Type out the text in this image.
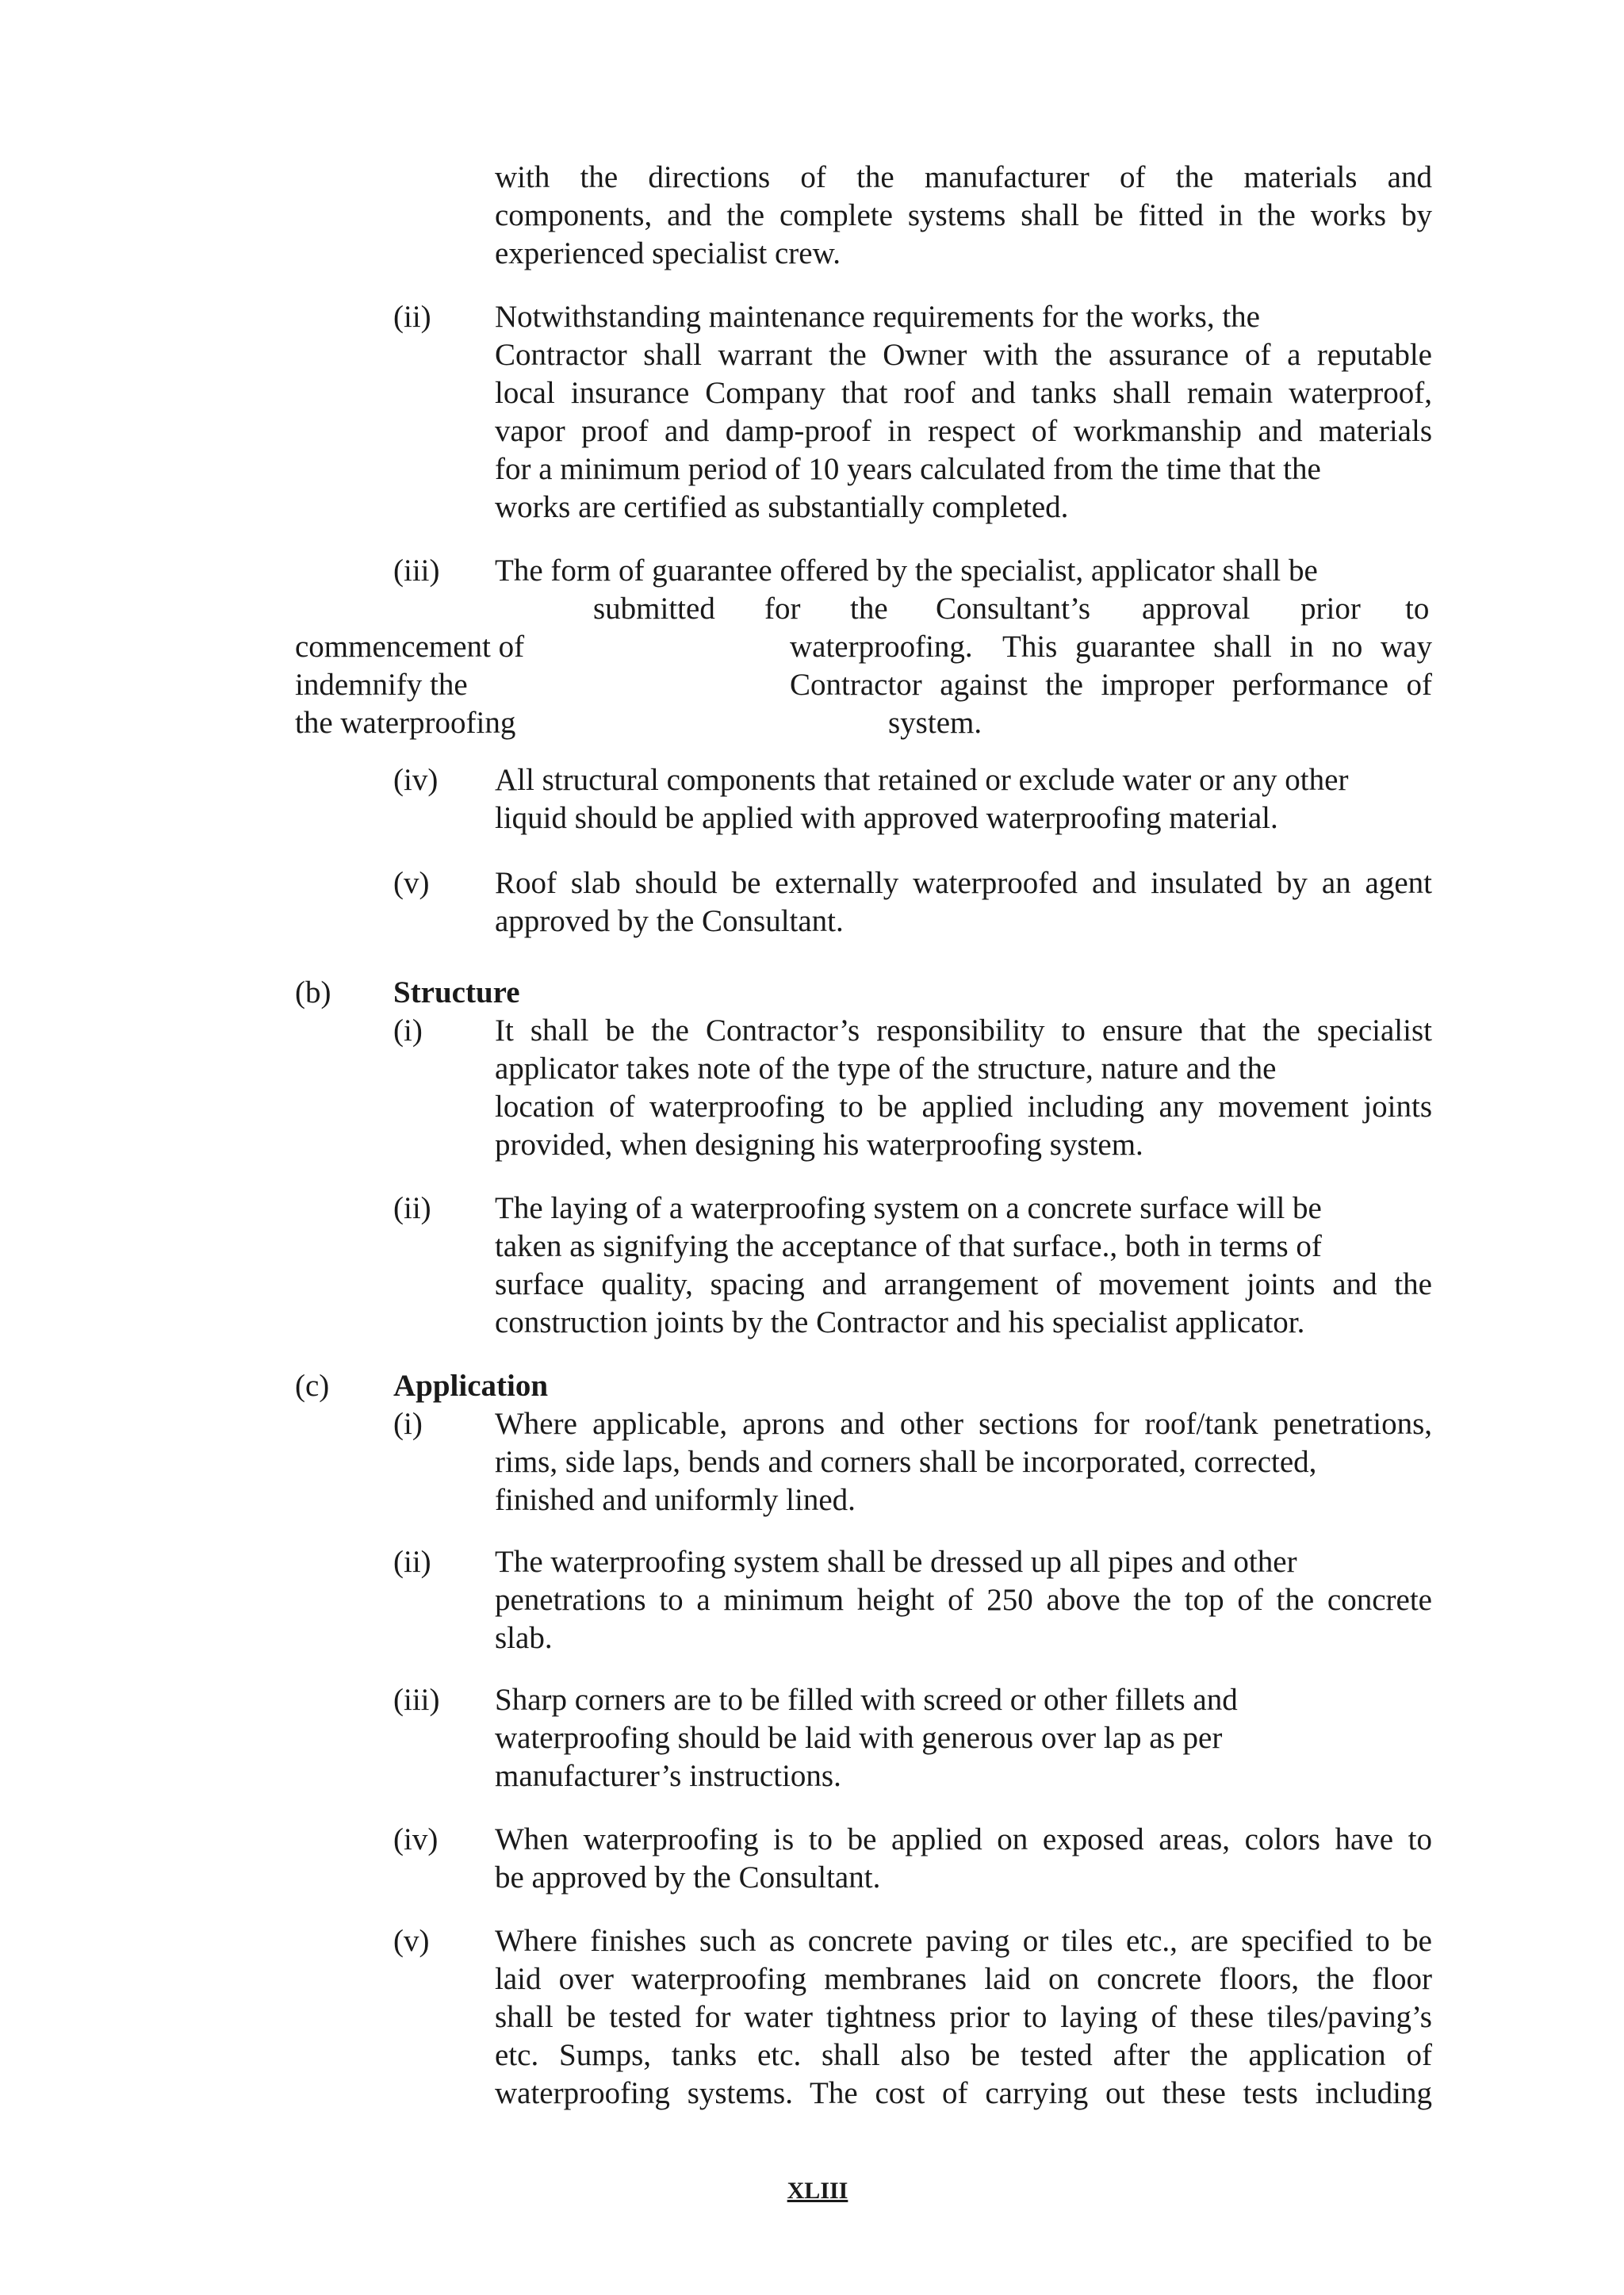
with the directions of the manufacturer of the materials and
components, and the complete systems shall be fitted in the works by
experienced specialist crew.
(ii) Notwithstanding maintenance requirements for the works, the
Contractor shall warrant the Owner with the assurance of a reputable
local insurance Company that roof and tanks shall remain waterproof,
vapor proof and damp-proof in respect of workmanship and materials
for a minimum period of 10 years calculated from the time that the
works are certified as substantially completed.
(iii) The form of guarantee offered by the specialist, applicator shall be
submitted for the Consultant’s approval prior to
commencement of	waterproofing. This guarantee shall in no way
indemnify the	Contractor against the improper performance of
the waterproofing	system.
(iv) All structural components that retained or exclude water or any other
liquid should be applied with approved waterproofing material.
(v) Roof slab should be externally waterproofed and insulated by an agent
approved by the Consultant.
(b) Structure
(i) It shall be the Contractor’s responsibility to ensure that the specialist
applicator takes note of the type of the structure, nature and the
location of waterproofing to be applied including any movement joints
provided, when designing his waterproofing system.
(ii) The laying of a waterproofing system on a concrete surface will be
taken as signifying the acceptance of that surface., both in terms of
surface quality, spacing and arrangement of movement joints and the
construction joints by the Contractor and his specialist applicator.
(c) Application
(i) Where applicable, aprons and other sections for roof/tank penetrations,
rims, side laps, bends and corners shall be incorporated, corrected,
finished and uniformly lined.
(ii) The waterproofing system shall be dressed up all pipes and other
penetrations to a minimum height of 250 above the top of the concrete
slab.
(iii) Sharp corners are to be filled with screed or other fillets and
waterproofing should be laid with generous over lap as per
manufacturer’s instructions.
(iv) When waterproofing is to be applied on exposed areas, colors have to
be approved by the Consultant.
(v) Where finishes such as concrete paving or tiles etc., are specified to be
laid over waterproofing membranes laid on concrete floors, the floor
shall be tested for water tightness prior to laying of these tiles/paving’s
etc. Sumps, tanks etc. shall also be tested after the application of
waterproofing systems. The cost of carrying out these tests including
XLIII
